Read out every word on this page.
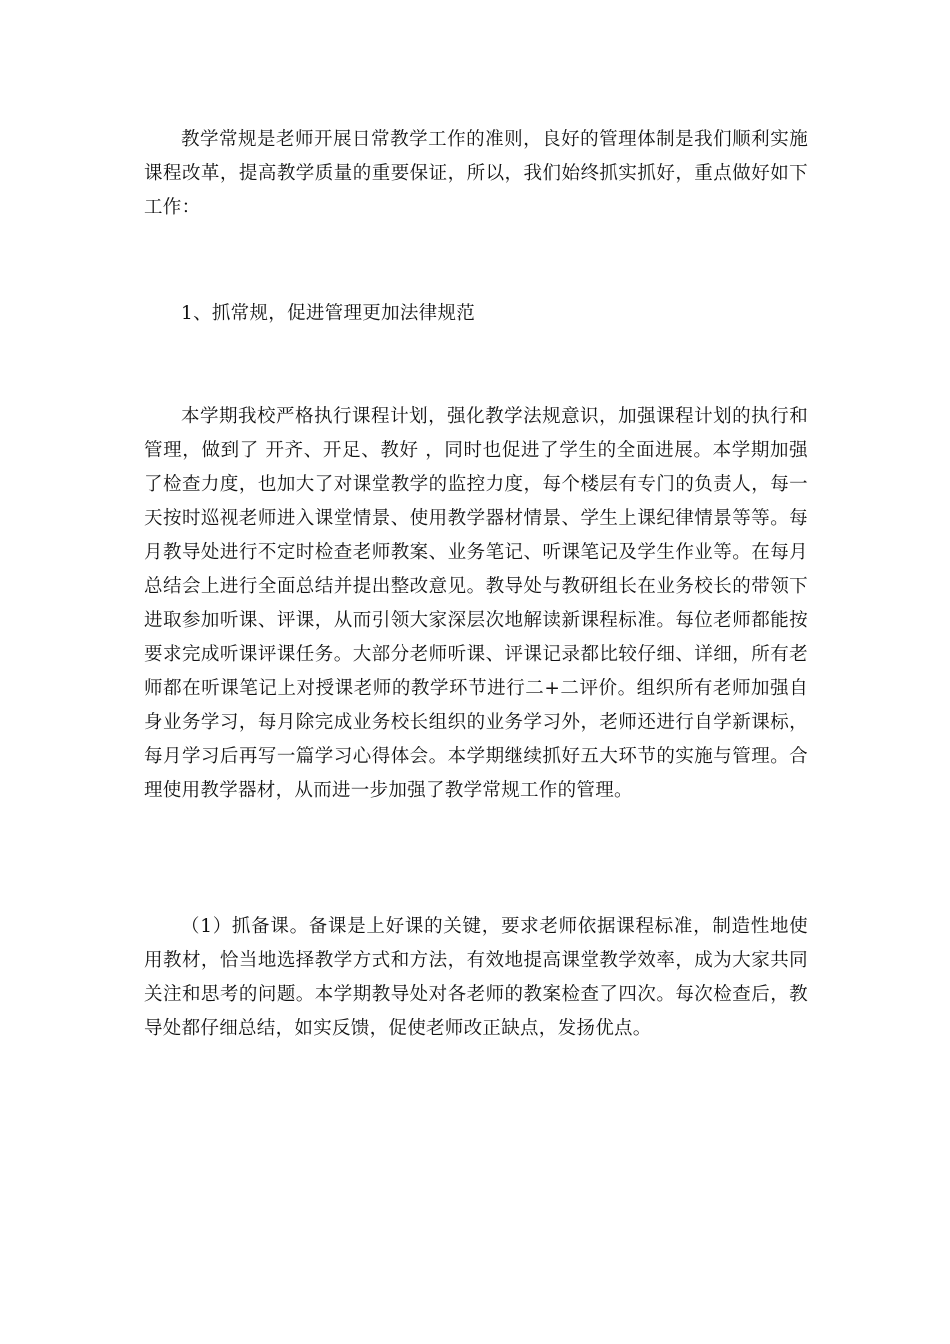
教学常规是老师开展日常教学工作的准则，良好的管理体制是我们顺利实施课程改革，提高教学质量的重要保证，所以，我们始终抓实抓好，重点做好如下工作：

1、抓常规，促进管理更加法律规范

本学期我校严格执行课程计划，强化教学法规意识，加强课程计划的执行和管理，做到了 开齐、开足、教好 ，同时也促进了学生的全面进展。本学期加强了检查力度，也加大了对课堂教学的监控力度，每个楼层有专门的负责人，每一天按时巡视老师进入课堂情景、使用教学器材情景、学生上课纪律情景等等。每月教导处进行不定时检查老师教案、业务笔记、听课笔记及学生作业等。在每月总结会上进行全面总结并提出整改意见。教导处与教研组长在业务校长的带领下进取参加听课、评课，从而引领大家深层次地解读新课程标准。每位老师都能按要求完成听课评课任务。大部分老师听课、评课记录都比较仔细、详细，所有老师都在听课笔记上对授课老师的教学环节进行二+二评价。组织所有老师加强自身业务学习，每月除完成业务校长组织的业务学习外，老师还进行自学新课标，每月学习后再写一篇学习心得体会。本学期继续抓好五大环节的实施与管理。合理使用教学器材，从而进一步加强了教学常规工作的管理。

（1）抓备课。备课是上好课的关键，要求老师依据课程标准，制造性地使用教材，恰当地选择教学方式和方法，有效地提高课堂教学效率，成为大家共同关注和思考的问题。本学期教导处对各老师的教案检查了四次。每次检查后，教导处都仔细总结，如实反馈，促使老师改正缺点，发扬优点。
